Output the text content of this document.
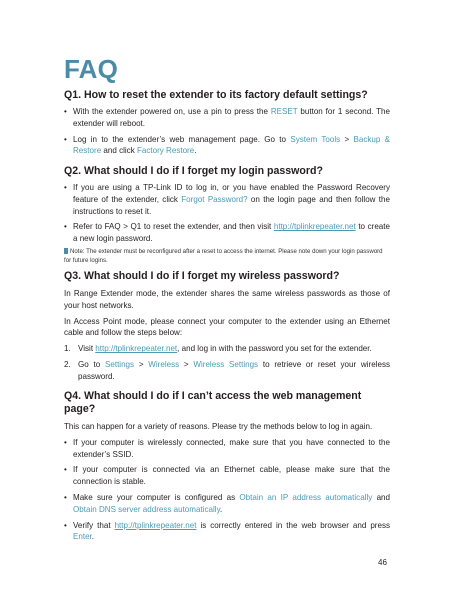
FAQ

Q1. How to reset the extender to its factory default settings?

• With the extender powered on, use a pin to press the RESET button for 1 second. The extender will reboot.

• Log in to the extender’s web management page. Go to System Tools > Backup & Restore and click Factory Restore.

Q2. What should I do if I forget my login password?

• If you are using a TP-Link ID to log in, or you have enabled the Password Recovery feature of the extender, click Forgot Password? on the login page and then follow the instructions to reset it.

• Refer to FAQ > Q1 to reset the extender, and then visit http://tplinkrepeater.net to create a new login password.

Note: The extender must be reconfigured after a reset to access the internet. Please note down your login password for future logins.

Q3. What should I do if I forget my wireless password?

In Range Extender mode, the extender shares the same wireless passwords as those of your host networks.

In Access Point mode, please connect your computer to the extender using an Ethernet cable and follow the steps below:

1. Visit http://tplinkrepeater.net, and log in with the password you set for the extender.

2. Go to Settings > Wireless > Wireless Settings to retrieve or reset your wireless password.

Q4. What should I do if I can’t access the web management page?

This can happen for a variety of reasons. Please try the methods below to log in again.

• If your computer is wirelessly connected, make sure that you have connected to the extender’s SSID.

• If your computer is connected via an Ethernet cable, please make sure that the connection is stable.

• Make sure your computer is configured as Obtain an IP address automatically and Obtain DNS server address automatically.

• Verify that http://tplinkrepeater.net is correctly entered in the web browser and press Enter.

46
